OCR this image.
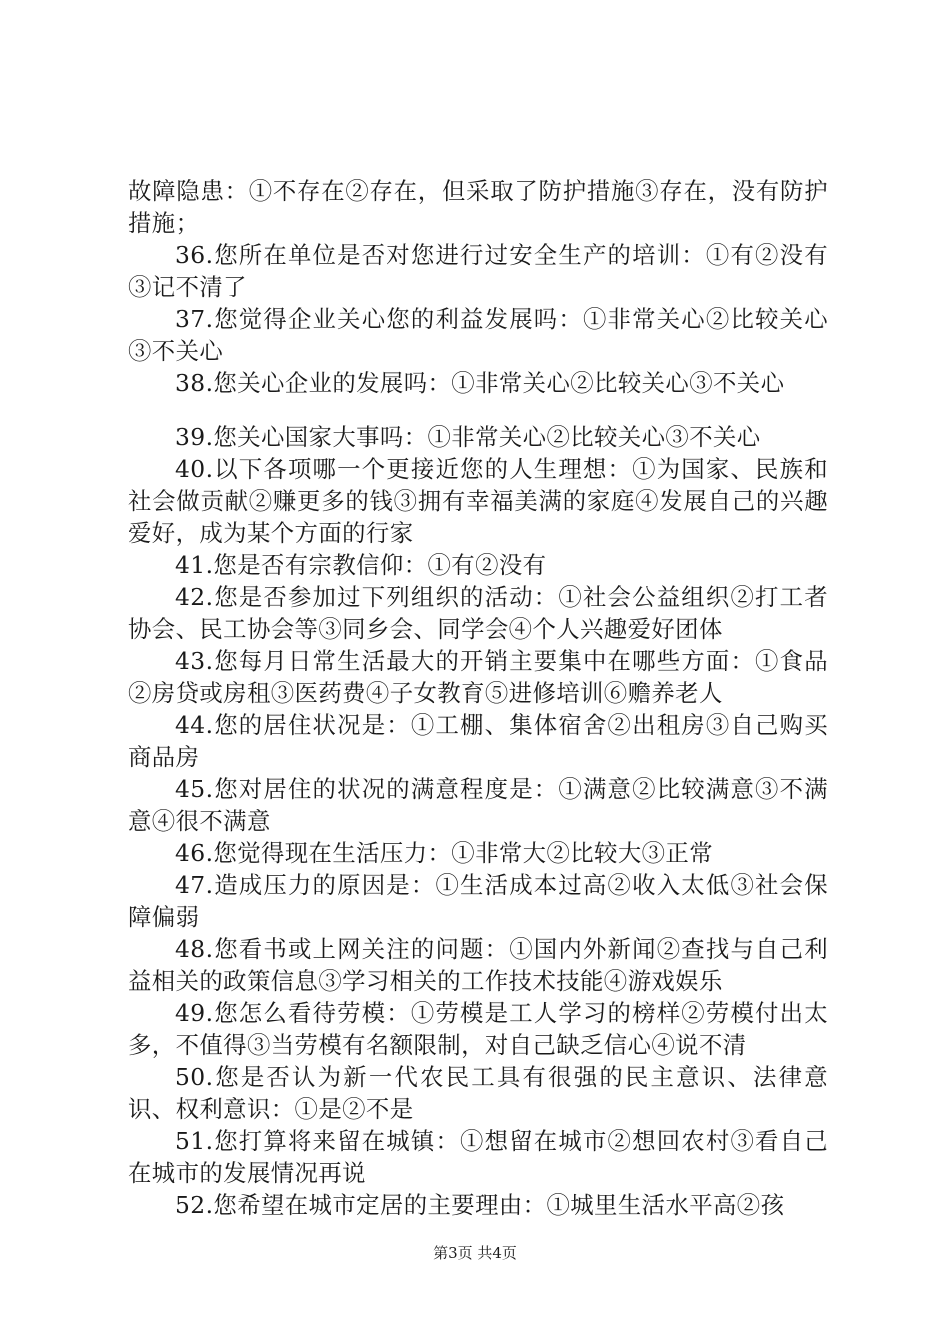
故障隐患：①不存在②存在，但采取了防护措施③存在，没有防护措施；

36.您所在单位是否对您进行过安全生产的培训：①有②没有③记不清了

37.您觉得企业关心您的利益发展吗：①非常关心②比较关心③不关心

38.您关心企业的发展吗：①非常关心②比较关心③不关心

39.您关心国家大事吗：①非常关心②比较关心③不关心

40.以下各项哪一个更接近您的人生理想：①为国家、民族和社会做贡献②赚更多的钱③拥有幸福美满的家庭④发展自己的兴趣爱好，成为某个方面的行家

41.您是否有宗教信仰：①有②没有

42.您是否参加过下列组织的活动：①社会公益组织②打工者协会、民工协会等③同乡会、同学会④个人兴趣爱好团体

43.您每月日常生活最大的开销主要集中在哪些方面：①食品②房贷或房租③医药费④子女教育⑤进修培训⑥赡养老人

44.您的居住状况是：①工棚、集体宿舍②出租房③自己购买商品房

45.您对居住的状况的满意程度是：①满意②比较满意③不满意④很不满意

46.您觉得现在生活压力：①非常大②比较大③正常

47.造成压力的原因是：①生活成本过高②收入太低③社会保障偏弱

48.您看书或上网关注的问题：①国内外新闻②查找与自己利益相关的政策信息③学习相关的工作技术技能④游戏娱乐

49.您怎么看待劳模：①劳模是工人学习的榜样②劳模付出太多，不值得③当劳模有名额限制，对自己缺乏信心④说不清

50.您是否认为新一代农民工具有很强的民主意识、法律意识、权利意识：①是②不是

51.您打算将来留在城镇：①想留在城市②想回农村③看自己在城市的发展情况再说

52.您希望在城市定居的主要理由：①城里生活水平高②孩

第3页 共4页
